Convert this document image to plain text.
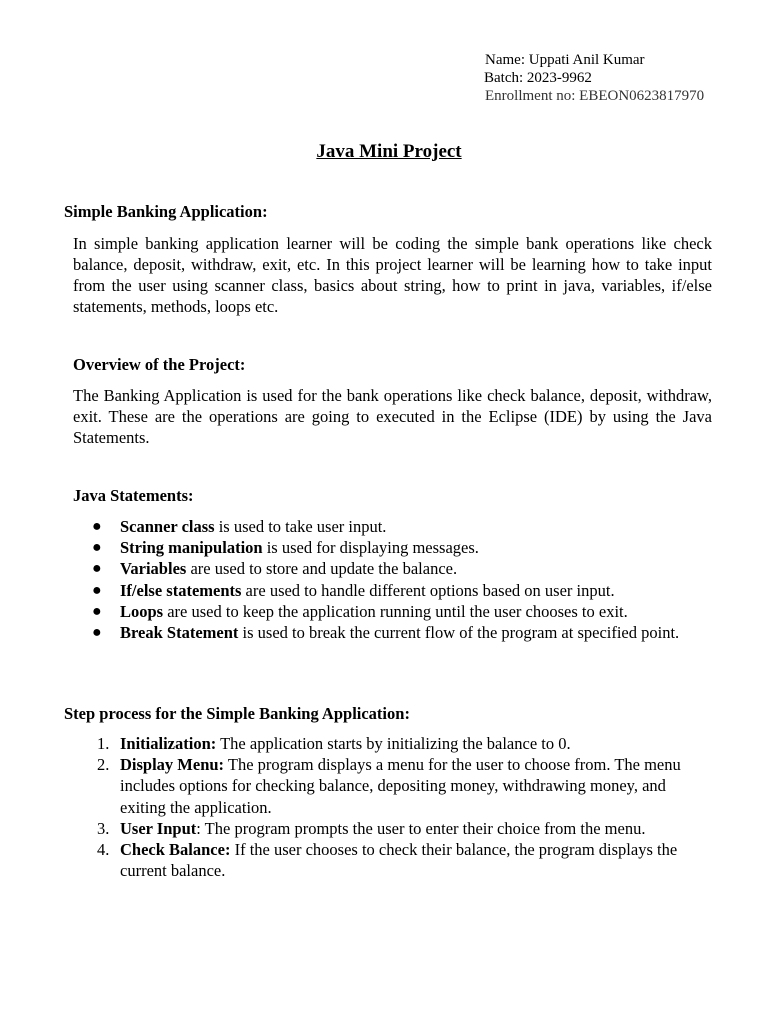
Name: Uppati Anil Kumar
Batch: 2023-9962
Enrollment no: EBEON0623817970
Java Mini Project
Simple Banking Application:
In simple banking application learner will be coding the simple bank operations like check balance, deposit, withdraw, exit, etc. In this project learner will be learning how to take input from the user using scanner class, basics about string, how to print in java, variables, if/else statements, methods, loops etc.
Overview of the Project:
The Banking Application is used for the bank operations like check balance, deposit, withdraw, exit. These are the operations are going to executed in the Eclipse (IDE) by using the Java Statements.
Java Statements:
● Scanner class is used to take user input.
● String manipulation is used for displaying messages.
● Variables are used to store and update the balance.
● If/else statements are used to handle different options based on user input.
● Loops are used to keep the application running until the user chooses to exit.
● Break Statement is used to break the current flow of the program at specified point.
Step process for the Simple Banking Application:
1. Initialization: The application starts by initializing the balance to 0.
2. Display Menu: The program displays a menu for the user to choose from. The menu includes options for checking balance, depositing money, withdrawing money, and exiting the application.
3. User Input: The program prompts the user to enter their choice from the menu.
4. Check Balance: If the user chooses to check their balance, the program displays the current balance.
